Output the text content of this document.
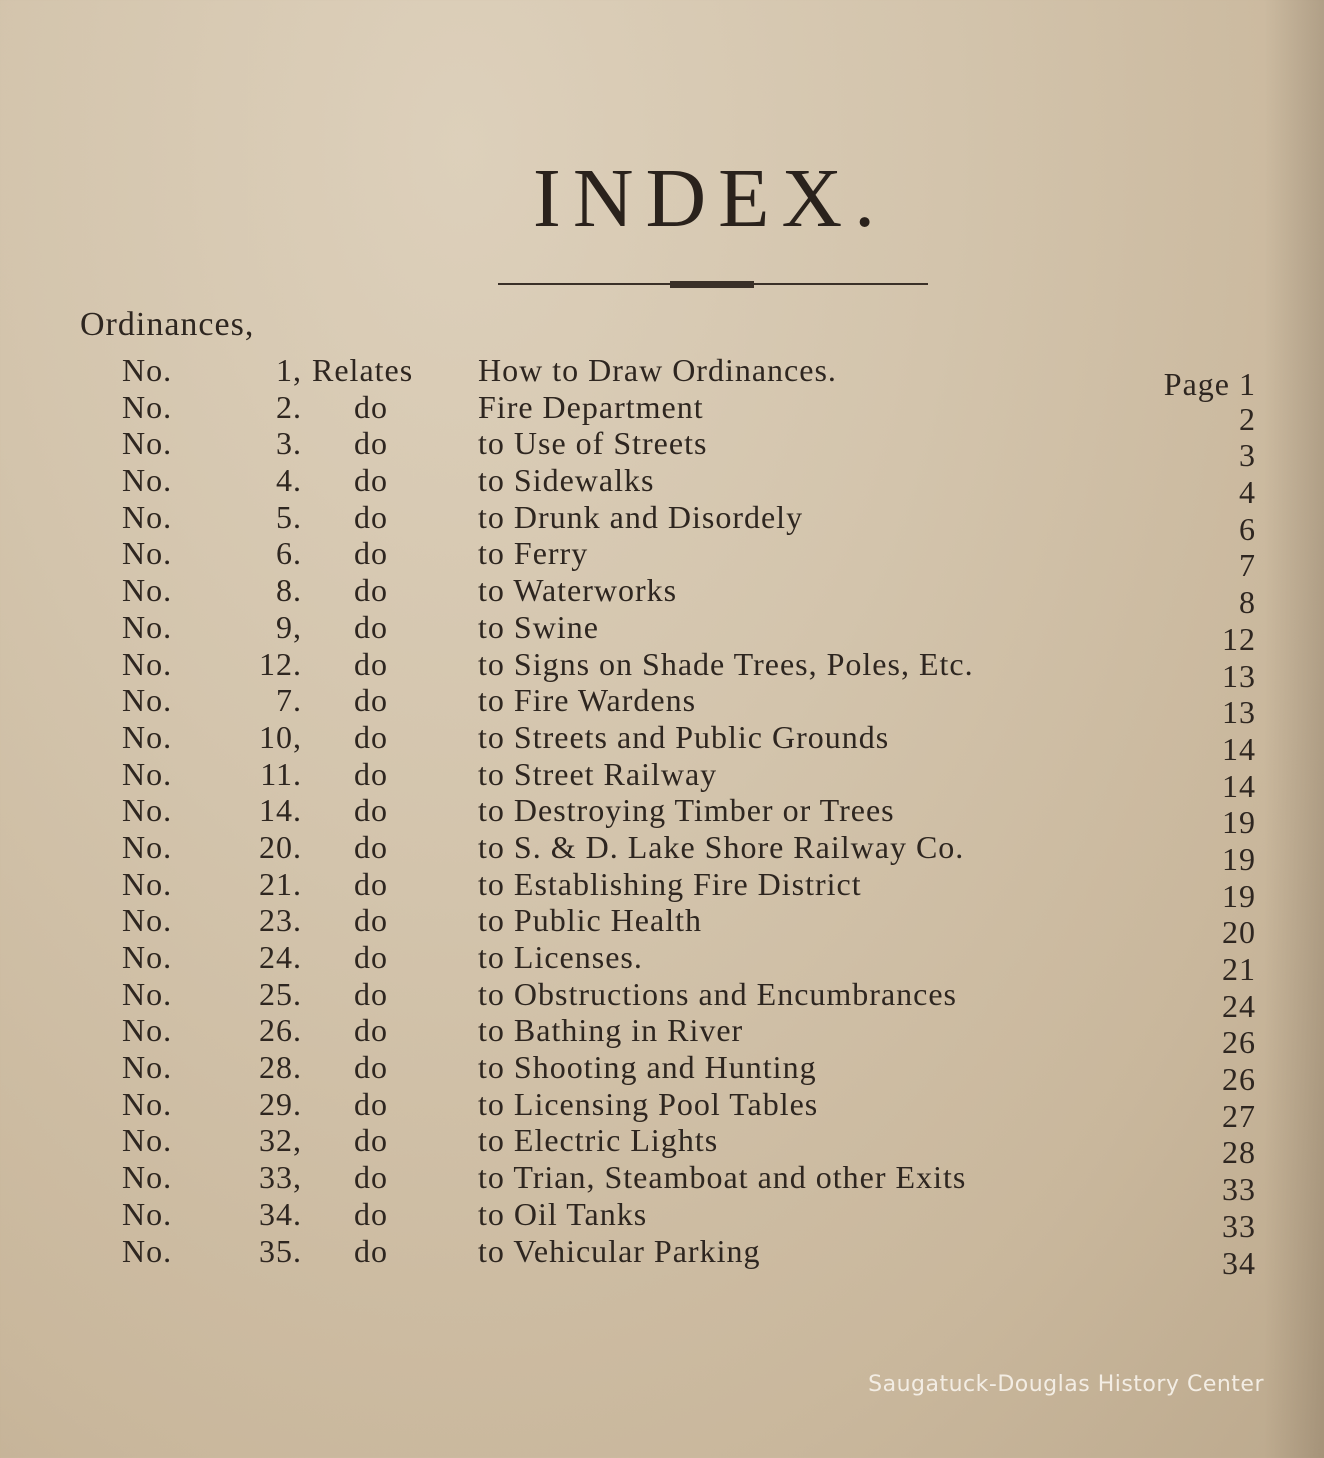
INDEX.
Ordinances,
No.	1, Relates How to Draw Ordinances.	Page 1
No.	2. do	Fire Department	2
No.	3. do	to Use of Streets	3
No.	4. do	to Sidewalks	4
No.	5. do	to Drunk and Disordely	6
No.	6. do	to Ferry	7
No.	8. do	to Waterworks	8
No.	9, do	to Swine	12
No.	12. do	to Signs on Shade Trees, Poles, Etc.	13
No.	7. do	to Fire Wardens	13
No.	10, do	to Streets and Public Grounds	14
No.	11. do	to Street Railway	14
No.	14. do	to Destroying Timber or Trees	19
No.	20. do	to S. & D. Lake Shore Railway Co.	19
No.	21. do	to Establishing Fire District	19
No.	23. do	to Public Health	20
No.	24. do	to Licenses.	21
No.	25. do	to Obstructions and Encumbrances	24
No.	26. do	to Bathing in River	26
No.	28. do	to Shooting and Hunting	26
No.	29. do	to Licensing Pool Tables	27
No.	32, do	to Electric Lights	28
No.	33, do	to Trian, Steamboat and other Exits	33
No.	34. do	to Oil Tanks	33
No.	35. do	to Vehicular Parking	34
Saugatuck-Douglas History Center
